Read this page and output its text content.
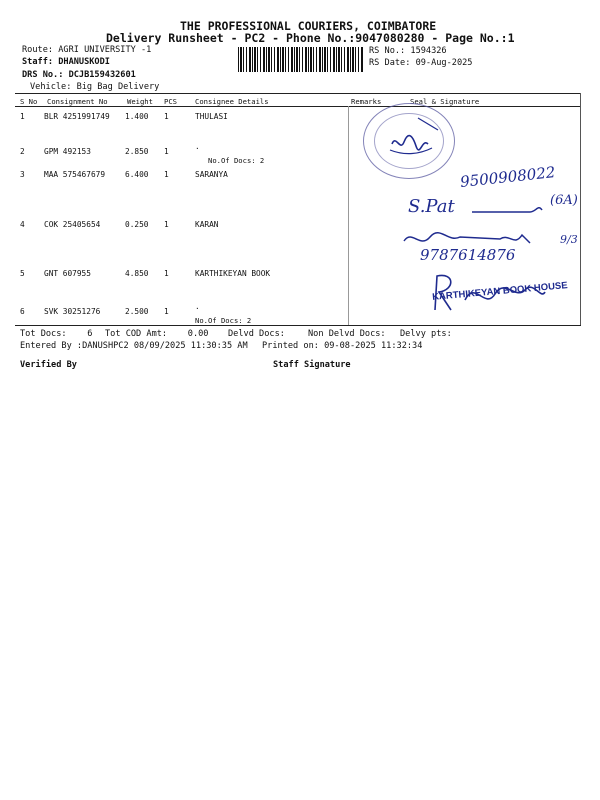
THE PROFESSIONAL COURIERS, COIMBATORE
Delivery Runsheet - PC2 - Phone No.:9047080280 - Page No.:1
Route: AGRI UNIVERSITY -1
Staff: DHANUSKODI
DRS No.: DCJB159432601
Vehicle: Big Bag Delivery
RS No.: 1594326
RS Date: 09-Aug-2025
S No Consignment No	Weight PCS	Consignee Details	Remarks	Seal & Signature
1 BLR 4251991749 1.400 1	THULASI
2 GPM 492153	2.850 1
.
No.Of Docs: 2
3 MAA 575467679	6.400 1	SARANYA
4 COK 25405654	0.250 1	KARAN
5 GNT 607955	4.850 1	KARTHIKEYAN BOOK
6 SVK 30251276	2.500 1
.
No.Of Docs: 2
Tot Docs:    6 Tot COD Amt:    0.00 Delvd Docs:	Non Delvd Docs: Delvy pts:
Entered By :DANUSHPC2 08/09/2025 11:30:35 AM Printed on: 09-08-2025 11:32:34
Verified By	Staff Signature
9500908022
S.Pat	(6A)
9/3
9787614876
KARTHIKEYAN BOOK HOUSE
